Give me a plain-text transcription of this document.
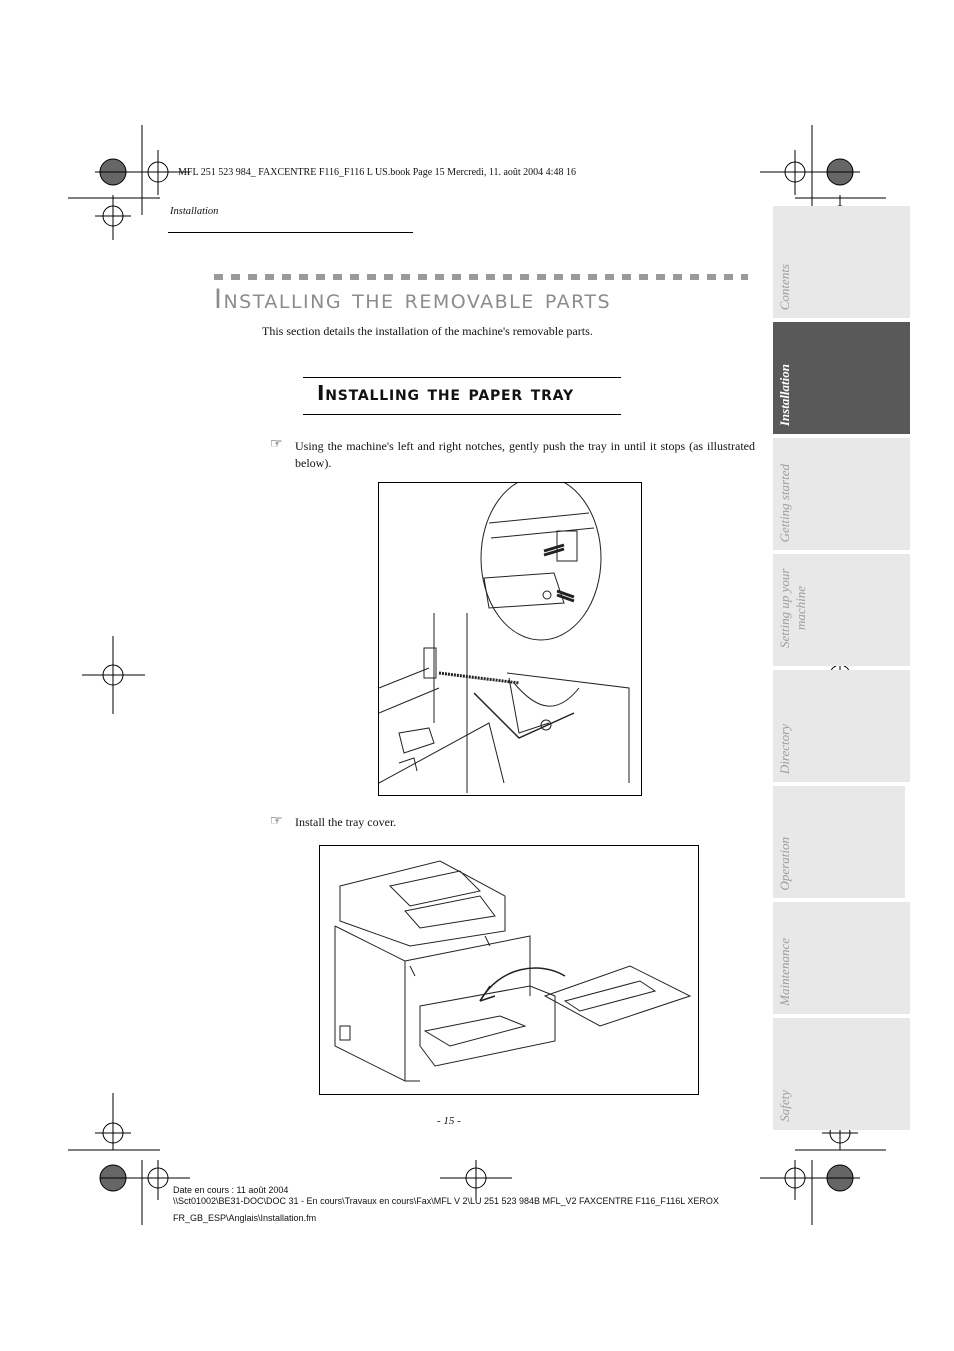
MFL 251 523 984_ FAXCENTRE F116_F116 L US.book Page 15 Mercredi, 11. août 2004 4:48 16
Installation
Installing the removable parts
This section details the installation of the machine's removable parts.
Installing the paper tray
☞ Using the machine's left and right notches, gently push the tray in until it stops (as illustrated below).
☞ Install the tray cover.
- 15 -
Date en cours : 11 août 2004
\\Sct01002\BE31-DOC\DOC 31 - En cours\Travaux en cours\Fax\MFL V 2\LU 251 523 984B MFL_V2 FAXCENTRE F116_F116L XEROX
FR_GB_ESP\Anglais\Installation.fm
Contents
Installation
Getting started
Setting up your machine
Directory
Operation
Maintenance
Safety
